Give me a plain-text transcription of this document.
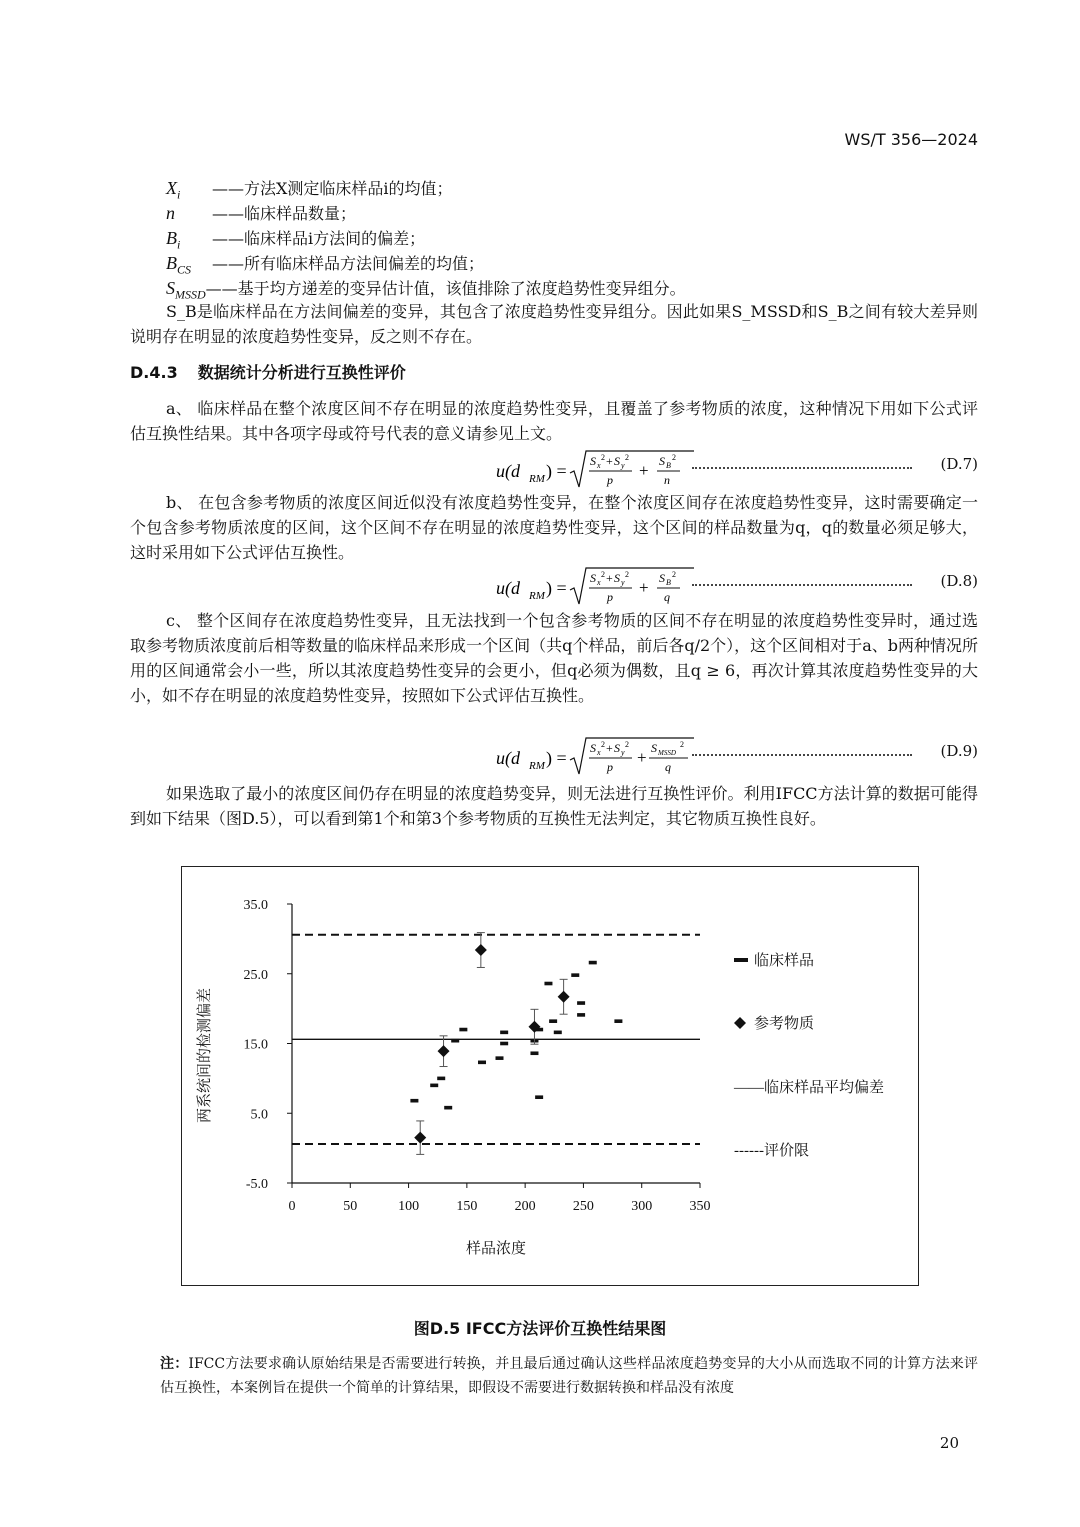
WS/T 356—2024
$X_i$ ——方法X测定临床样品i的均值；
n ——临床样品数量；
$B_i$ ——临床样品i方法间的偏差；
$B_{CS}$ ——所有临床样品方法间偏差的均值；
$S_{MSSD}——$基于均方递差的变异估计值，该值排除了浓度趋势性变异组分。
S_B是临床样品在方法间偏差的变异，其包含了浓度趋势性变异组分。因此如果S_MSSD和S_B之间有较大差异则说明存在明显的浓度趋势性变异，反之则不存在。
D.4.3 数据统计分析进行互换性评价
a、 临床样品在整个浓度区间不存在明显的浓度趋势性变异，且覆盖了参考物质的浓度，这种情况下用如下公式评估互换性结果。其中各项字母或符号代表的意义请参见上文。
u(d RM ) = S x
2 + S y
2
p + S B
2
n
(D.7)
b、 在包含参考物质的浓度区间近似没有浓度趋势性变异，在整个浓度区间存在浓度趋势性变异，这时需要确定一个包含参考物质浓度的区间，这个区间不存在明显的浓度趋势性变异，这个区间的样品数量为q，q的数量必须足够大，这时采用如下公式评估互换性。
u(d RM ) = S x
2 + S y
2
p + S B
2
q
(D.8)
c、 整个区间存在浓度趋势性变异，且无法找到一个包含参考物质的区间不存在明显的浓度趋势性变异时，通过选取参考物质浓度前后相等数量的临床样品来形成一个区间（共q个样品，前后各q/2个），这个区间相对于a、b两种情况所用的区间通常会小一些，所以其浓度趋势性变异的会更小，但q必须为偶数，且q ≥ 6，再次计算其浓度趋势性变异的大小，如不存在明显的浓度趋势性变异，按照如下公式评估互换性。
u(d RM ) = S x
2 + S y
2
p + S MSSD
2
q
(D.9)
如果选取了最小的浓度区间仍存在明显的浓度趋势变异，则无法进行互换性评价。利用IFCC方法计算的数据可能得到如下结果（图D.5），可以看到第1个和第3个参考物质的互换性无法判定，其它物质互换性良好。
-5.0
5.0
15.0
25.0
35.0
0	50	100	150	200	250	300	350
样品浓度
两系统间的检测偏差
临床样品
参考物质
——临床样品平均偏差
------评价限
图D.5 IFCC方法评价互换性结果图
注：IFCC方法要求确认原始结果是否需要进行转换，并且最后通过确认这些样品浓度趋势变异的大小从而选取不同的计算方法来评估互换性，本案例旨在提供一个简单的计算结果，即假设不需要进行数据转换和样品没有浓度
20
